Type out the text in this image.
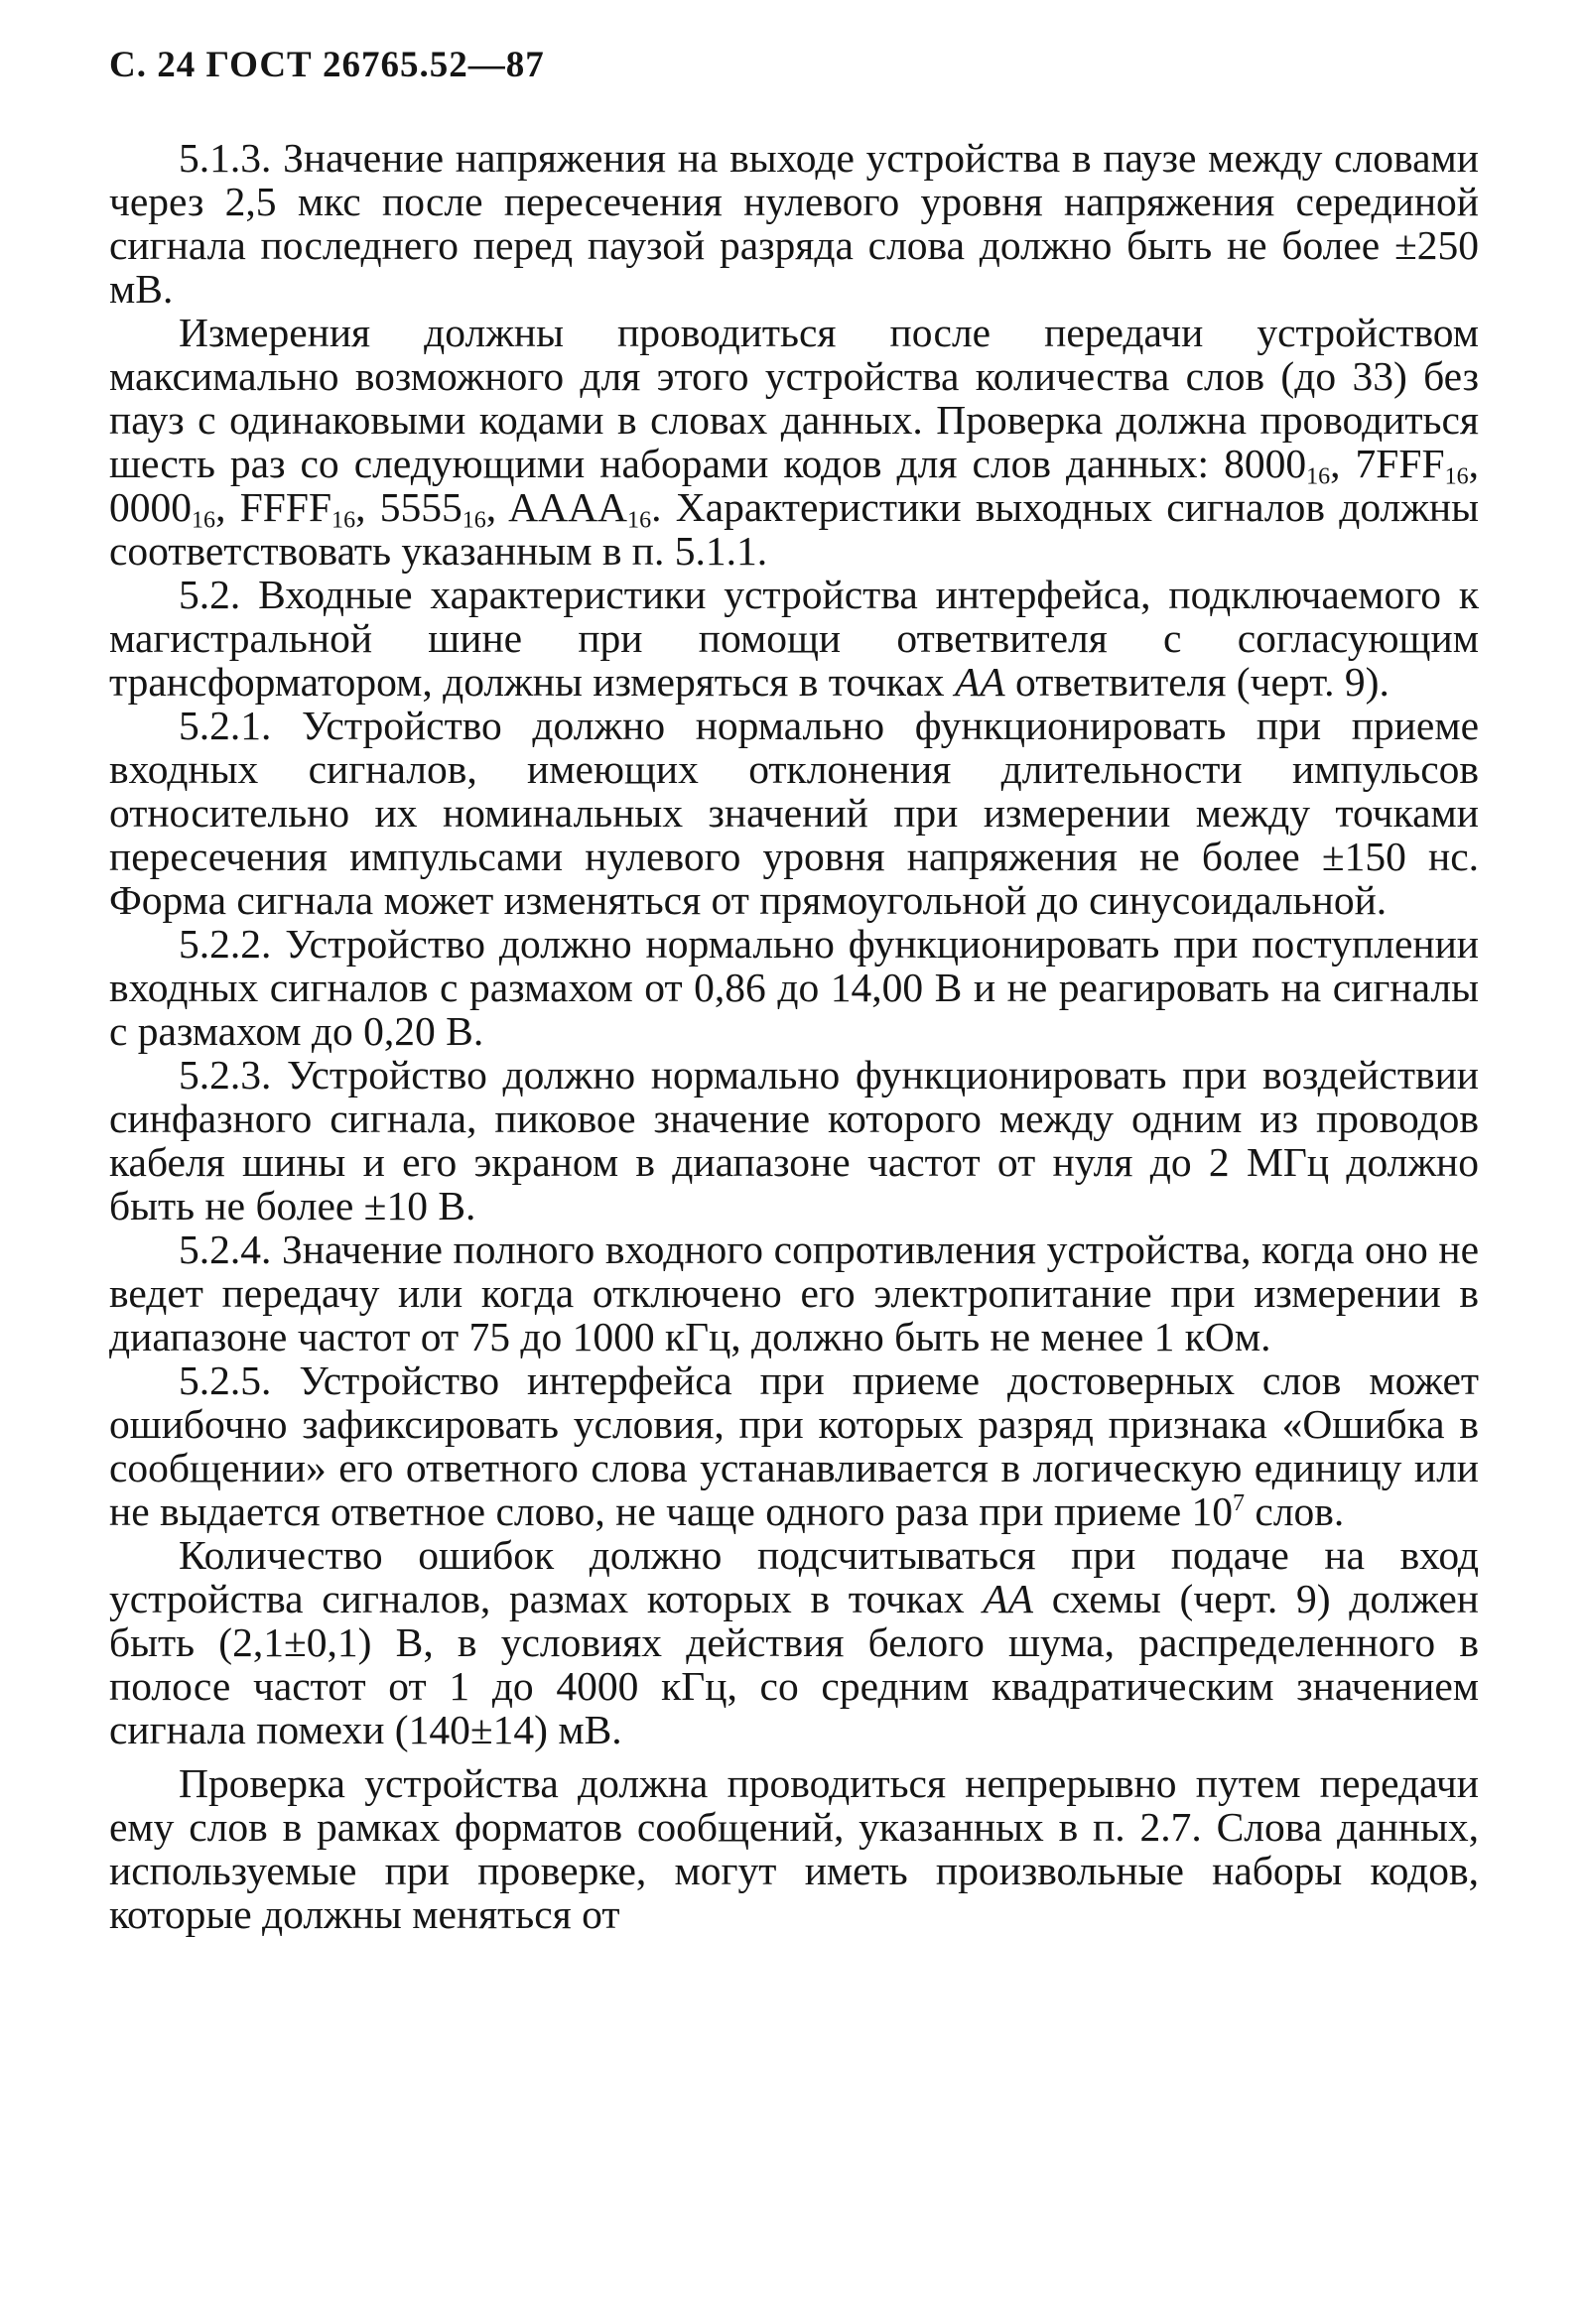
С. 24 ГОСТ 26765.52—87

5.1.3. Значение напряжения на выходе устройства в паузе между словами через 2,5 мкс после пересечения нулевого уровня напряжения серединой сигнала последнего перед паузой разряда слова должно быть не более ±250 мВ.

Измерения должны проводиться после передачи устройством максимально возможного для этого устройства количества слов (до 33) без пауз с одинаковыми кодами в словах данных. Проверка должна проводиться шесть раз со следующими наборами кодов для слов данных: $8000_{16}$, $7FFF_{16}$, $0000_{16}$, $FFFF_{16}$, $5555_{16}$, $AAAA_{16}$. Характеристики выходных сигналов должны соответствовать указанным в п. 5.1.1.

5.2. Входные характеристики устройства интерфейса, подключаемого к магистральной шине при помощи ответвителя с согласующим трансформатором, должны измеряться в точках АА ответвителя (черт. 9).

5.2.1. Устройство должно нормально функционировать при приеме входных сигналов, имеющих отклонения длительности импульсов относительно их номинальных значений при измерении между точками пересечения импульсами нулевого уровня напряжения не более ±150 нс. Форма сигнала может изменяться от прямоугольной до синусоидальной.

5.2.2. Устройство должно нормально функционировать при поступлении входных сигналов с размахом от 0,86 до 14,00 В и не реагировать на сигналы с размахом до 0,20 В.

5.2.3. Устройство должно нормально функционировать при воздействии синфазного сигнала, пиковое значение которого между одним из проводов кабеля шины и его экраном в диапазоне частот от нуля до 2 МГц должно быть не более ±10 В.

5.2.4. Значение полного входного сопротивления устройства, когда оно не ведет передачу или когда отключено его электропитание при измерении в диапазоне частот от 75 до 1000 кГц, должно быть не менее 1 кОм.

5.2.5. Устройство интерфейса при приеме достоверных слов может ошибочно зафиксировать условия, при которых разряд признака «Ошибка в сообщении» его ответного слова устанавливается в логическую единицу или не выдается ответное слово, не чаще одного раза при приеме $10^7$ слов.

Количество ошибок должно подсчитываться при подаче на вход устройства сигналов, размах которых в точках АА схемы (черт. 9) должен быть (2,1±0,1) В, в условиях действия белого шума, распределенного в полосе частот от 1 до 4000 кГц, со средним квадратическим значением сигнала помехи (140±14) мВ.

Проверка устройства должна проводиться непрерывно путем передачи ему слов в рамках форматов сообщений, указанных в п. 2.7. Слова данных, используемые при проверке, могут иметь произвольные наборы кодов, которые должны меняться от
